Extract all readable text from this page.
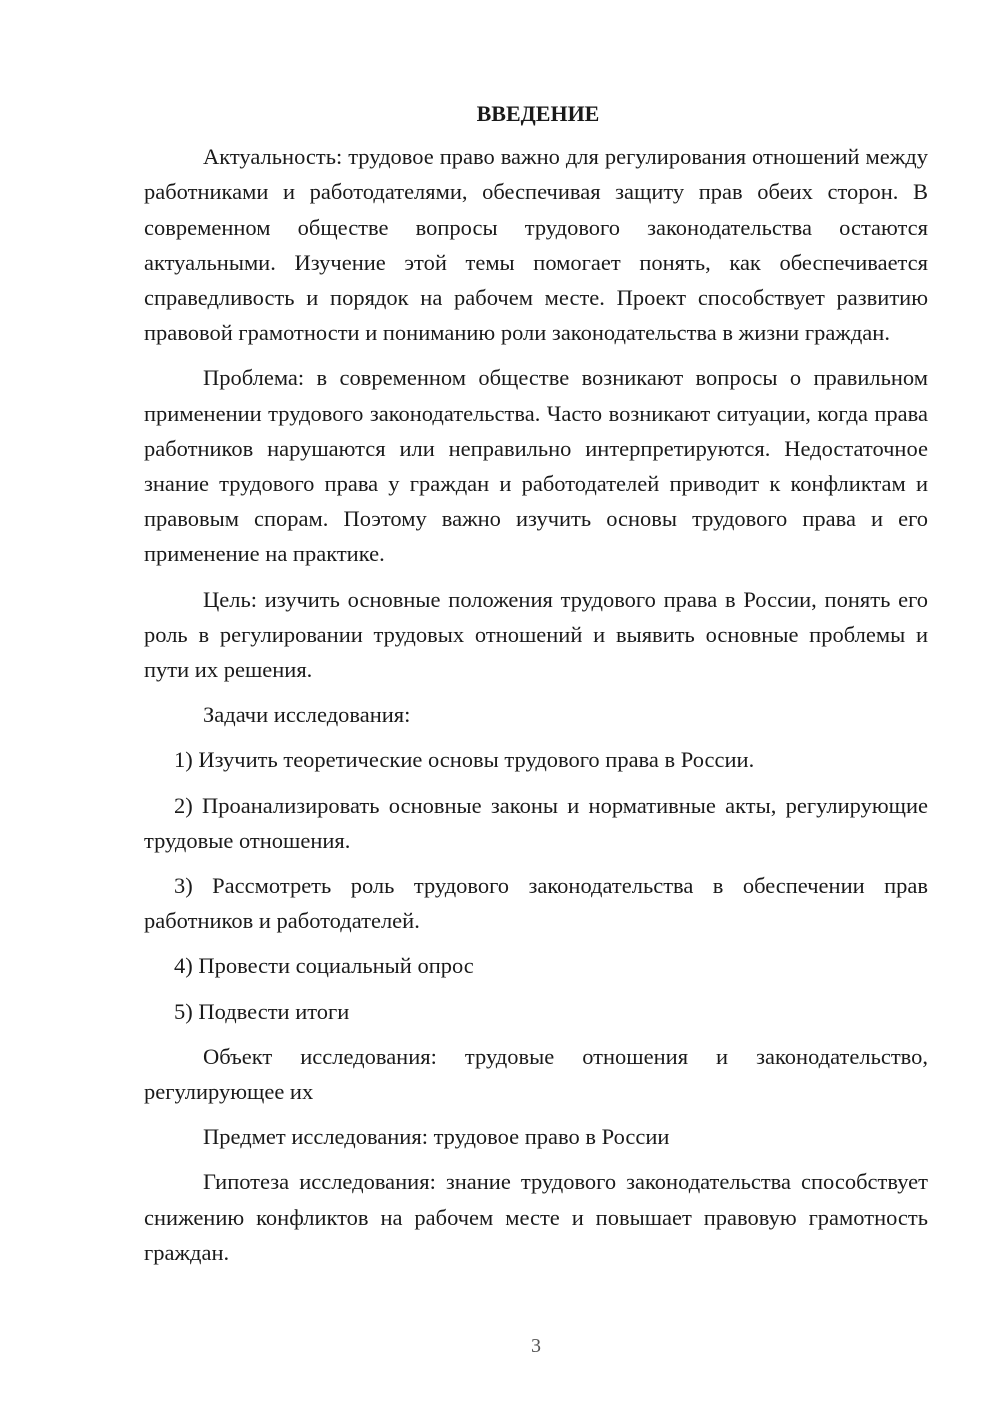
ВВЕДЕНИЕ

Актуальность: трудовое право важно для регулирования отношений между работниками и работодателями, обеспечивая защиту прав обеих сторон. В современном обществе вопросы трудового законодательства остаются актуальными. Изучение этой темы помогает понять, как обеспечивается справедливость и порядок на рабочем месте. Проект способствует развитию правовой грамотности и пониманию роли законодательства в жизни граждан.

Проблема: в современном обществе возникают вопросы о правильном применении трудового законодательства. Часто возникают ситуации, когда права работников нарушаются или неправильно интерпретируются. Недостаточное знание трудового права у граждан и работодателей приводит к конфликтам и правовым спорам. Поэтому важно изучить основы трудового права и его применение на практике.

Цель: изучить основные положения трудового права в России, понять его роль в регулировании трудовых отношений и выявить основные проблемы и пути их решения.

Задачи исследования:

1) Изучить теоретические основы трудового права в России.

2) Проанализировать основные законы и нормативные акты, регулирующие трудовые отношения.

3) Рассмотреть роль трудового законодательства в обеспечении прав работников и работодателей.

4) Провести социальный опрос

5) Подвести итоги

Объект исследования: трудовые отношения и законодательство, регулирующее их

Предмет исследования: трудовое право в России

Гипотеза исследования: знание трудового законодательства способствует снижению конфликтов на рабочем месте и повышает правовую грамотность граждан.

3
